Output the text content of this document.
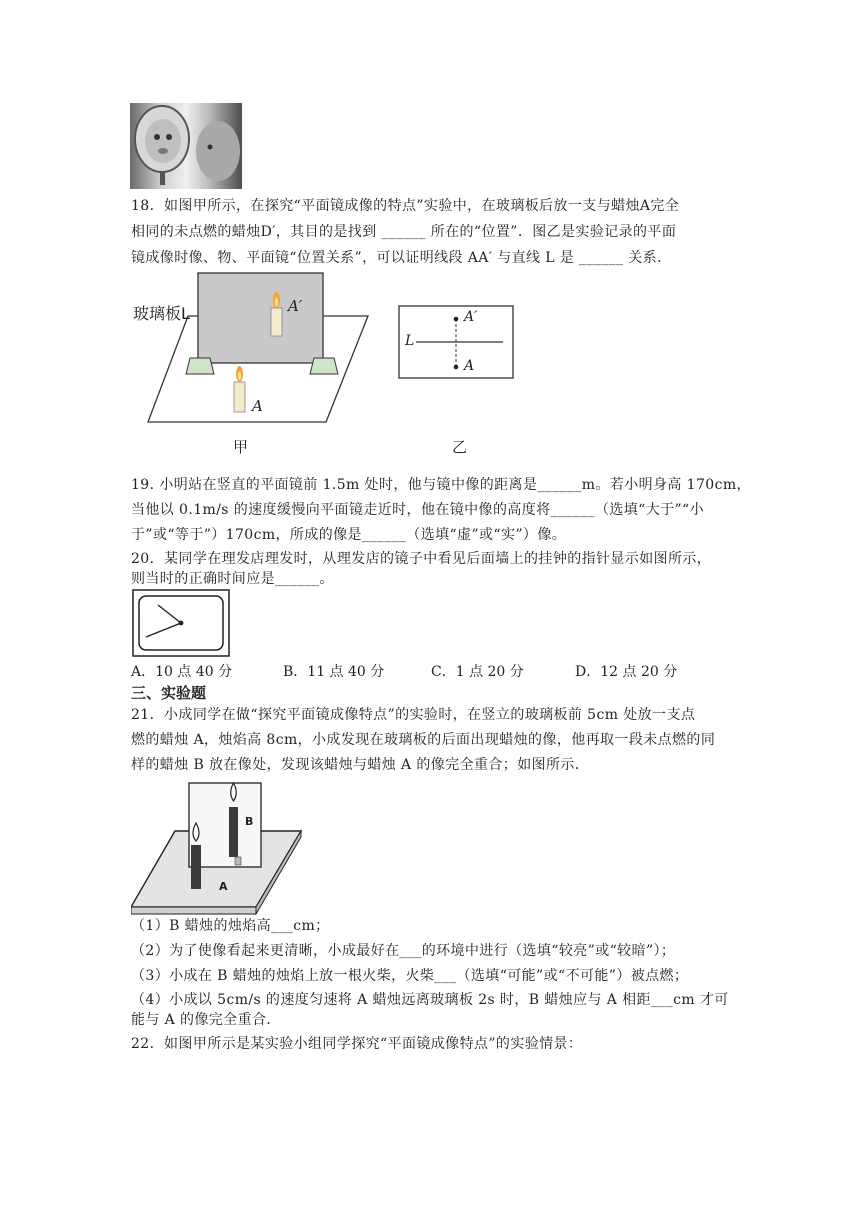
18．如图甲所示，在探究“平面镜成像的特点”实验中，在玻璃板后放一支与蜡烛A完全
相同的未点燃的蜡烛D′，其目的是找到 ______ 所在的“位置”．图乙是实验记录的平面
镜成像时像、物、平面镜“位置关系”，可以证明线段 AA′ 与直线 L 是 ______ 关系．
玻璃板L	A′
A
甲
L
A′
A
乙
19. 小明站在竖直的平面镜前 1.5m 处时，他与镜中像的距离是______m。若小明身高 170cm，
当他以 0.1m/s 的速度缓慢向平面镜走近时，他在镜中像的高度将______（选填“大于”“小
于”或“等于”）170cm，所成的像是______（选填“虚”或“实”）像。
20．某同学在理发店理发时，从理发店的镜子中看见后面墙上的挂钟的指针显示如图所示，
则当时的正确时间应是______。
A．10 点 40 分	B．11 点 40 分	C．1 点 20 分	D．12 点 20 分
三、实验题
21．小成同学在做“探究平面镜成像特点”的实验时，在竖立的玻璃板前 5cm 处放一支点
燃的蜡烛 A，烛焰高 8cm，小成发现在玻璃板的后面出现蜡烛的像，他再取一段未点燃的同
样的蜡烛 B 放在像处，发现该蜡烛与蜡烛 A 的像完全重合；如图所示．
B
A
（1）B 蜡烛的烛焰高___cm；
（2）为了使像看起来更清晰，小成最好在___的环境中进行（选填“较亮”或“较暗”）；
（3）小成在 B 蜡烛的烛焰上放一根火柴，火柴___（选填“可能”或“不可能”）被点燃；
（4）小成以 5cm/s 的速度匀速将 A 蜡烛远离玻璃板 2s 时，B 蜡烛应与 A 相距___cm 才可
能与 A 的像完全重合．
22．如图甲所示是某实验小组同学探究“平面镜成像特点”的实验情景：
